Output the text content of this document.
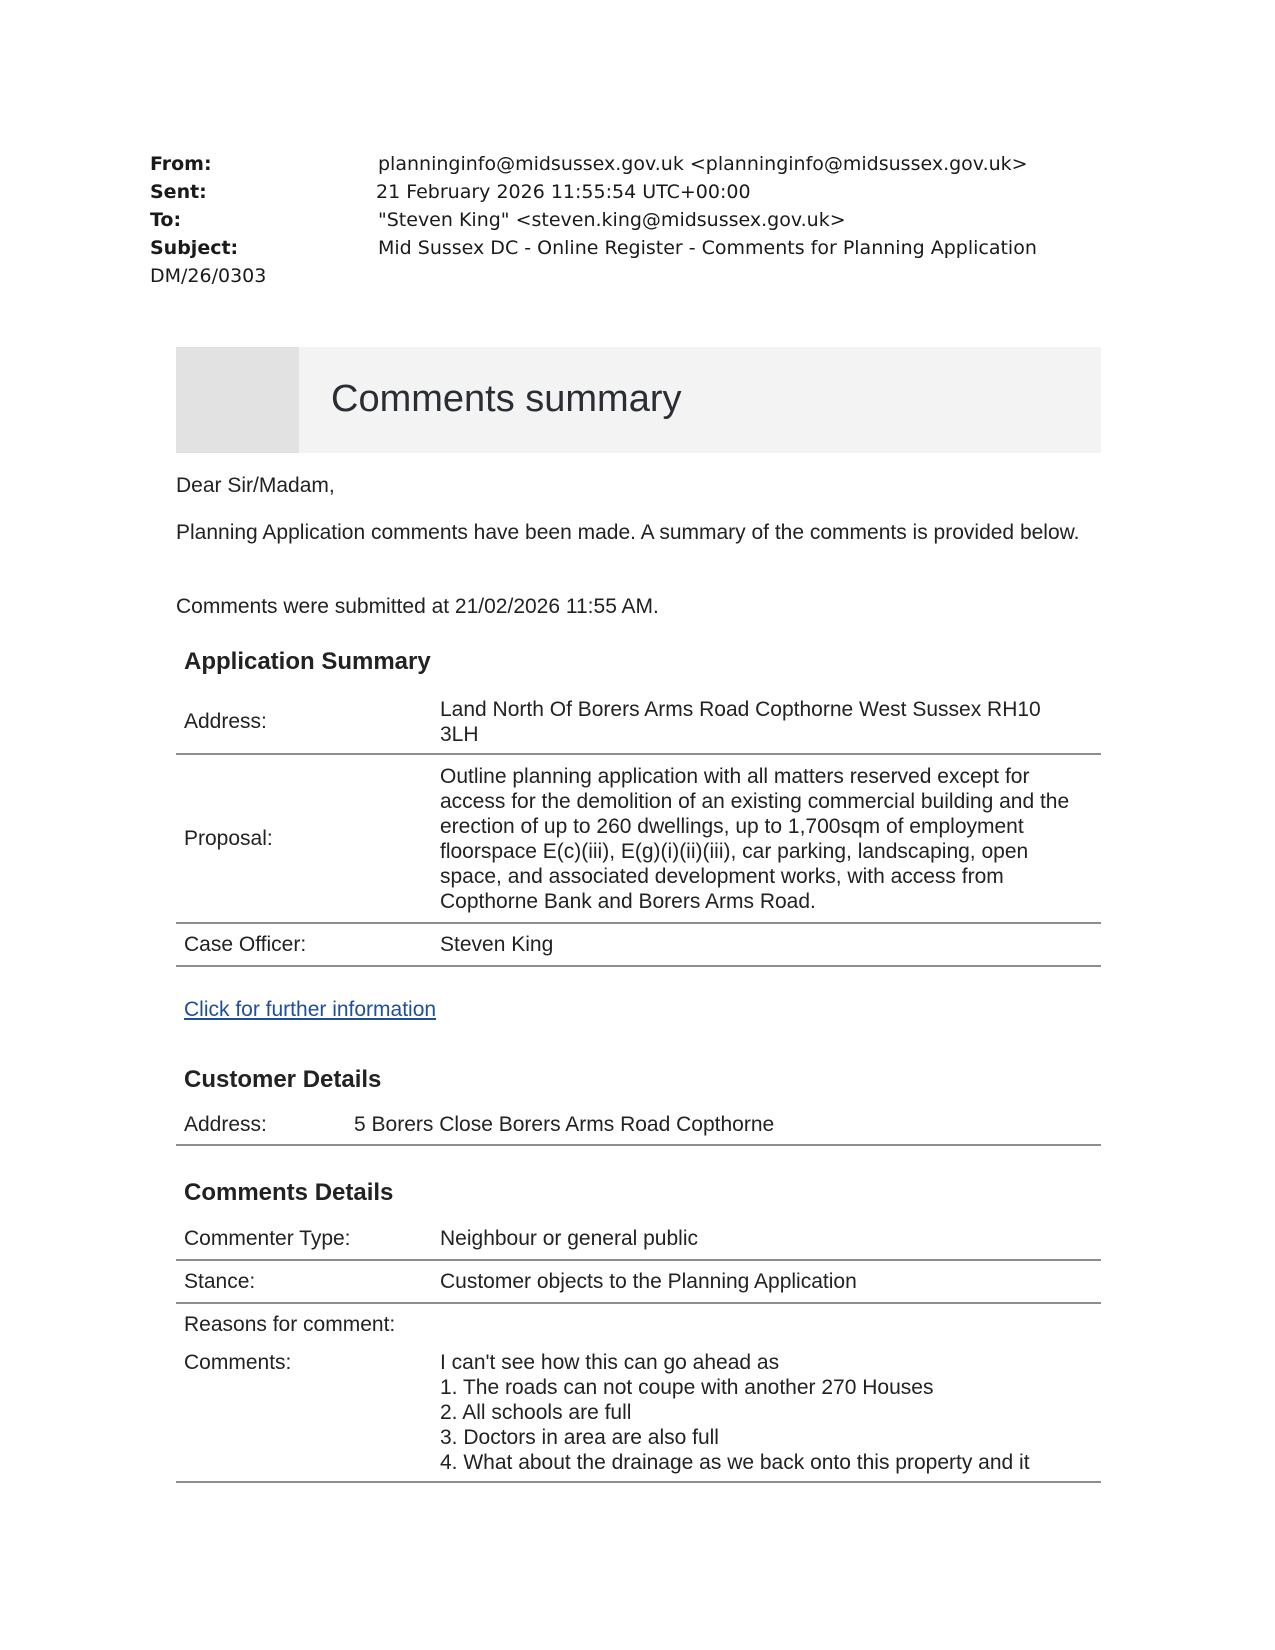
From:	planninginfo@midsussex.gov.uk <planninginfo@midsussex.gov.uk>
Sent:	21 February 2026 11:55:54 UTC+00:00
To:	"Steven King" <steven.king@midsussex.gov.uk>
Subject:	Mid Sussex DC - Online Register - Comments for Planning Application
DM/26/0303
Comments summary
Dear Sir/Madam,
Planning Application comments have been made. A summary of the comments is provided below.
Comments were submitted at 21/02/2026 11:55 AM.
Application Summary
Address:
Land North Of Borers Arms Road Copthorne West Sussex RH10 3LH
Proposal:
Outline planning application with all matters reserved except for access for the demolition of an existing commercial building and the erection of up to 260 dwellings, up to 1,700sqm of employment floorspace E(c)(iii), E(g)(i)(ii)(iii), car parking, landscaping, open space, and associated development works, with access from Copthorne Bank and Borers Arms Road.
Case Officer:	Steven King
Click for further information
Customer Details
Address:	5 Borers Close Borers Arms Road Copthorne
Comments Details
Commenter Type:	Neighbour or general public
Stance:	Customer objects to the Planning Application
Reasons for comment:
Comments:	I can't see how this can go ahead as
1. The roads can not coupe with another 270 Houses
2. All schools are full
3. Doctors in area are also full
4. What about the drainage as we back onto this property and it
